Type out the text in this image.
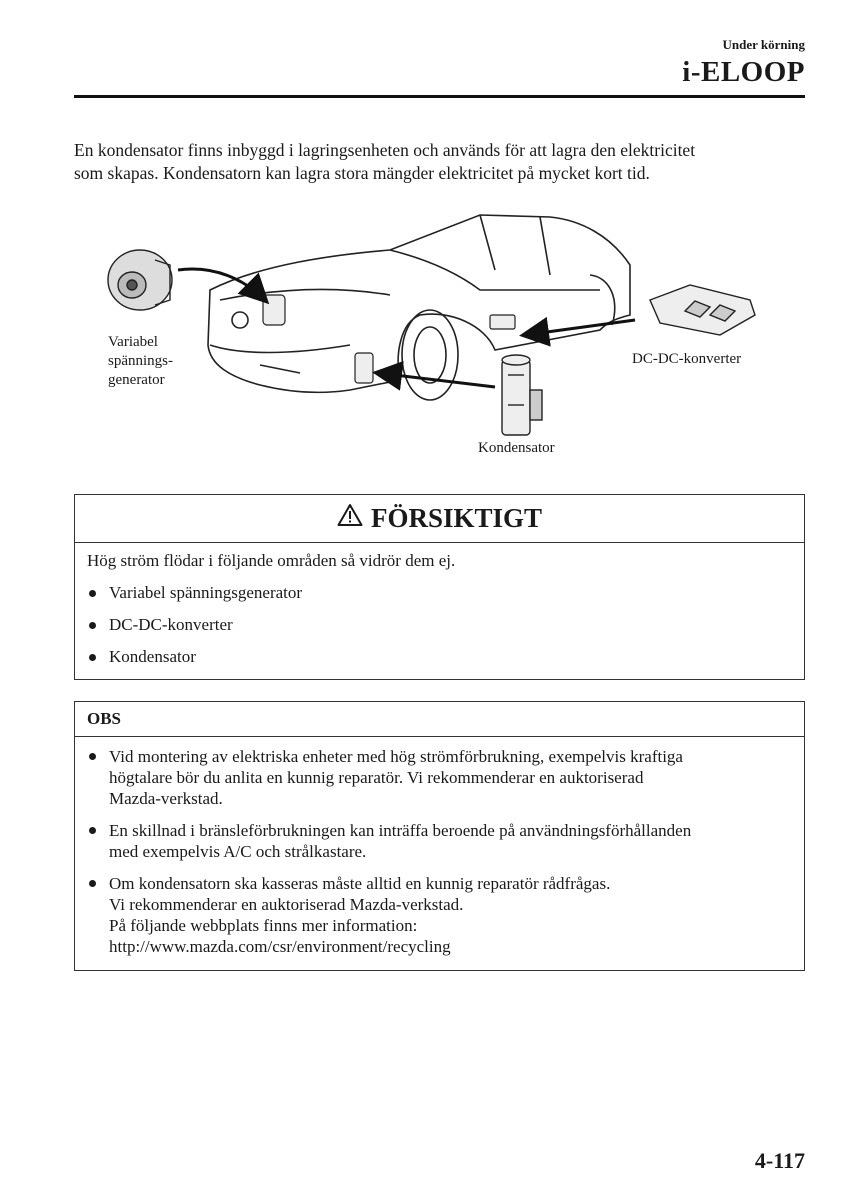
Under körning
i-ELOOP

En kondensator finns inbyggd i lagringsenheten och används för att lagra den elektricitet

som skapas. Kondensatorn kan lagra stora mängder elektricitet på mycket kort tid.

Variabel
spännings-
generator
DC-DC-konverter
Kondensator
FÖRSIKTIGT
Hög ström flödar i följande områden så vidrör dem ej.
Variabel spänningsgenerator
DC-DC-konverter
Kondensator
OBS
Vid montering av elektriska enheter med hög strömförbrukning, exempelvis kraftiga
högtalare bör du anlita en kunnig reparatör. Vi rekommenderar en auktoriserad
Mazda-verkstad.
En skillnad i bränsleförbrukningen kan inträffa beroende på användningsförhållanden
med exempelvis A/C och strålkastare.
Om kondensatorn ska kasseras måste alltid en kunnig reparatör rådfrågas.
Vi rekommenderar en auktoriserad Mazda-verkstad.
På följande webbplats finns mer information:
http://www.mazda.com/csr/environment/recycling
4-117
